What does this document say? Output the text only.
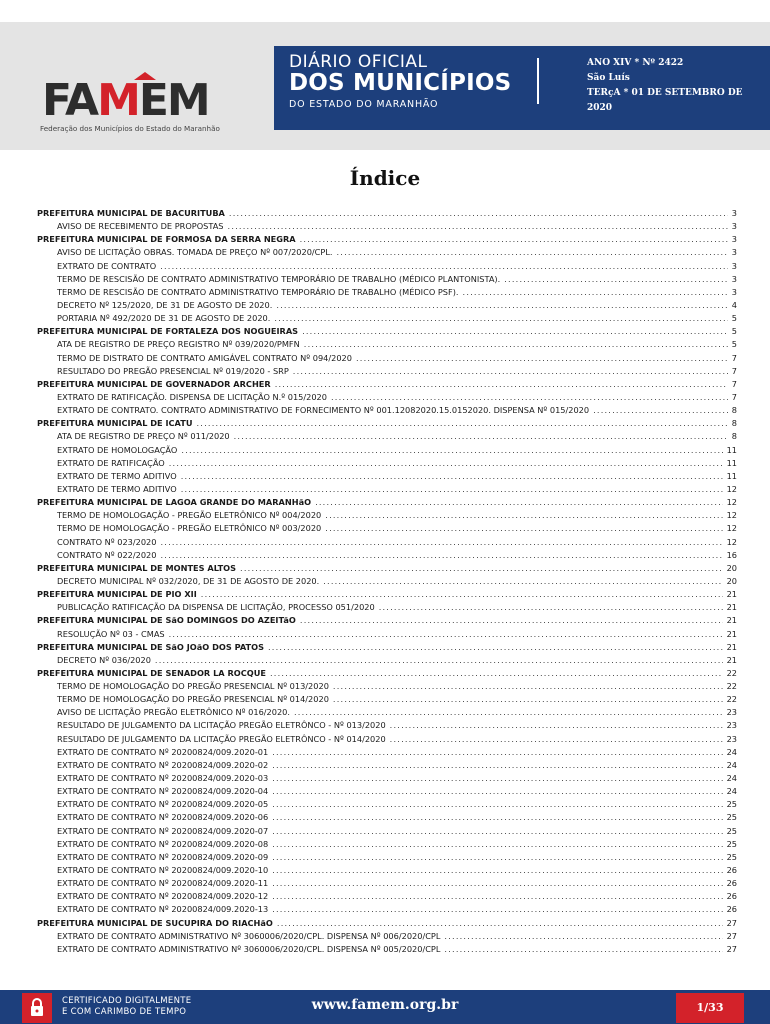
FAMEM
Federação dos Municípios do Estado do Maranhão
DIÁRIO OFICIAL
DOS MUNICÍPIOS
DO ESTADO DO MARANHÃO
ANO XIV * Nº 2422
São Luís
TERçA * 01 DE SETEMBRO DE
2020
Índice
PREFEITURA MUNICIPAL DE BACURITUBA .....	3
AVISO DE RECEBIMENTO DE PROPOSTAS .....	3
PREFEITURA MUNICIPAL DE FORMOSA DA SERRA NEGRA .....	3
AVISO DE LICITAÇÃO OBRAS. TOMADA DE PREÇO Nº 007/2020/CPL. .....	3
EXTRATO DE CONTRATO .....	3
TERMO DE RESCISÃO DE CONTRATO ADMINISTRATIVO TEMPORÁRIO DE TRABALHO (MÉDICO PLANTONISTA). .....	3
TERMO DE RESCISÃO DE CONTRATO ADMINISTRATIVO TEMPORÁRIO DE TRABALHO (MÉDICO PSF). .....	3
DECRETO Nº 125/2020, DE 31 DE AGOSTO DE 2020. .....	4
PORTARIA Nº 492/2020 DE 31 DE AGOSTO DE 2020. .....	5
PREFEITURA MUNICIPAL DE FORTALEZA DOS NOGUEIRAS .....	5
ATA DE REGISTRO DE PREÇO REGISTRO Nº 039/2020/PMFN .....	5
TERMO DE DISTRATO DE CONTRATO AMIGÁVEL CONTRATO Nº 094/2020 .....	7
RESULTADO DO PREGÃO PRESENCIAL Nº 019/2020 - SRP .....	7
PREFEITURA MUNICIPAL DE GOVERNADOR ARCHER .....	7
EXTRATO DE RATIFICAÇÃO. DISPENSA DE LICITAÇÃO N.º 015/2020 .....	7
EXTRATO DE CONTRATO. CONTRATO ADMINISTRATIVO DE FORNECIMENTO Nº 001.12082020.15.0152020. DISPENSA Nº 015/2020 .....	8
PREFEITURA MUNICIPAL DE ICATU .....	8
ATA DE REGISTRO DE PREÇO Nº 011/2020 .....	8
EXTRATO DE HOMOLOGAÇÃO .....	11
EXTRATO DE RATIFICAÇÃO .....	11
EXTRATO DE TERMO ADITIVO .....	11
EXTRATO DE TERMO ADITIVO .....	12
PREFEITURA MUNICIPAL DE LAGOA GRANDE DO MARANHãO .....	12
TERMO DE HOMOLOGAÇÃO - PREGÃO ELETRÔNICO Nº 004/2020 .....	12
TERMO DE HOMOLOGAÇÃO - PREGÃO ELETRÔNICO Nº 003/2020 .....	12
CONTRATO Nº 023/2020 .....	12
CONTRATO Nº 022/2020 .....	16
PREFEITURA MUNICIPAL DE MONTES ALTOS .....	20
DECRETO MUNICIPAL Nº 032/2020, DE 31 DE AGOSTO DE 2020. .....	20
PREFEITURA MUNICIPAL DE PIO XII .....	21
PUBLICAÇÃO RATIFICAÇÃO DA DISPENSA DE LICITAÇÃO, PROCESSO 051/2020 .....	21
PREFEITURA MUNICIPAL DE SãO DOMINGOS DO AZEITãO .....	21
RESOLUÇÃO Nº 03 - CMAS .....	21
PREFEITURA MUNICIPAL DE SãO JOãO DOS PATOS .....	21
DECRETO Nº 036/2020 .....	21
PREFEITURA MUNICIPAL DE SENADOR LA ROCQUE .....	22
TERMO DE HOMOLOGAÇÃO DO PREGÃO PRESENCIAL Nº 013/2020 .....	22
TERMO DE HOMOLOGAÇÃO DO PREGÃO PRESENCIAL Nº 014/2020 .....	22
AVISO DE LICITAÇÃO PREGÃO ELETRÔNICO Nº 016/2020. .....	23
RESULTADO DE JULGAMENTO DA LICITAÇÃO PREGÃO ELETRÔNCO - Nº 013/2020 .....	23
RESULTADO DE JULGAMENTO DA LICITAÇÃO PREGÃO ELETRÔNCO - Nº 014/2020 .....	23
EXTRATO DE CONTRATO Nº 20200824/009.2020-01 .....	24
EXTRATO DE CONTRATO Nº 20200824/009.2020-02 .....	24
EXTRATO DE CONTRATO Nº 20200824/009.2020-03 .....	24
EXTRATO DE CONTRATO Nº 20200824/009.2020-04 .....	24
EXTRATO DE CONTRATO Nº 20200824/009.2020-05 .....	25
EXTRATO DE CONTRATO Nº 20200824/009.2020-06 .....	25
EXTRATO DE CONTRATO Nº 20200824/009.2020-07 .....	25
EXTRATO DE CONTRATO Nº 20200824/009.2020-08 .....	25
EXTRATO DE CONTRATO Nº 20200824/009.2020-09 .....	25
EXTRATO DE CONTRATO Nº 20200824/009.2020-10 .....	26
EXTRATO DE CONTRATO Nº 20200824/009.2020-11 .....	26
EXTRATO DE CONTRATO Nº 20200824/009.2020-12 .....	26
EXTRATO DE CONTRATO Nº 20200824/009.2020-13 .....	26
PREFEITURA MUNICIPAL DE SUCUPIRA DO RIACHãO .....	27
EXTRATO DE CONTRATO ADMINISTRATIVO Nº 3060006/2020/CPL. DISPENSA Nº 006/2020/CPL .....	27
EXTRATO DE CONTRATO ADMINISTRATIVO Nº 3060006/2020/CPL. DISPENSA Nº 005/2020/CPL .....	27
CERTIFICADO DIGITALMENTE
E COM CARIMBO DE TEMPO	www.famem.org.br	1/33
